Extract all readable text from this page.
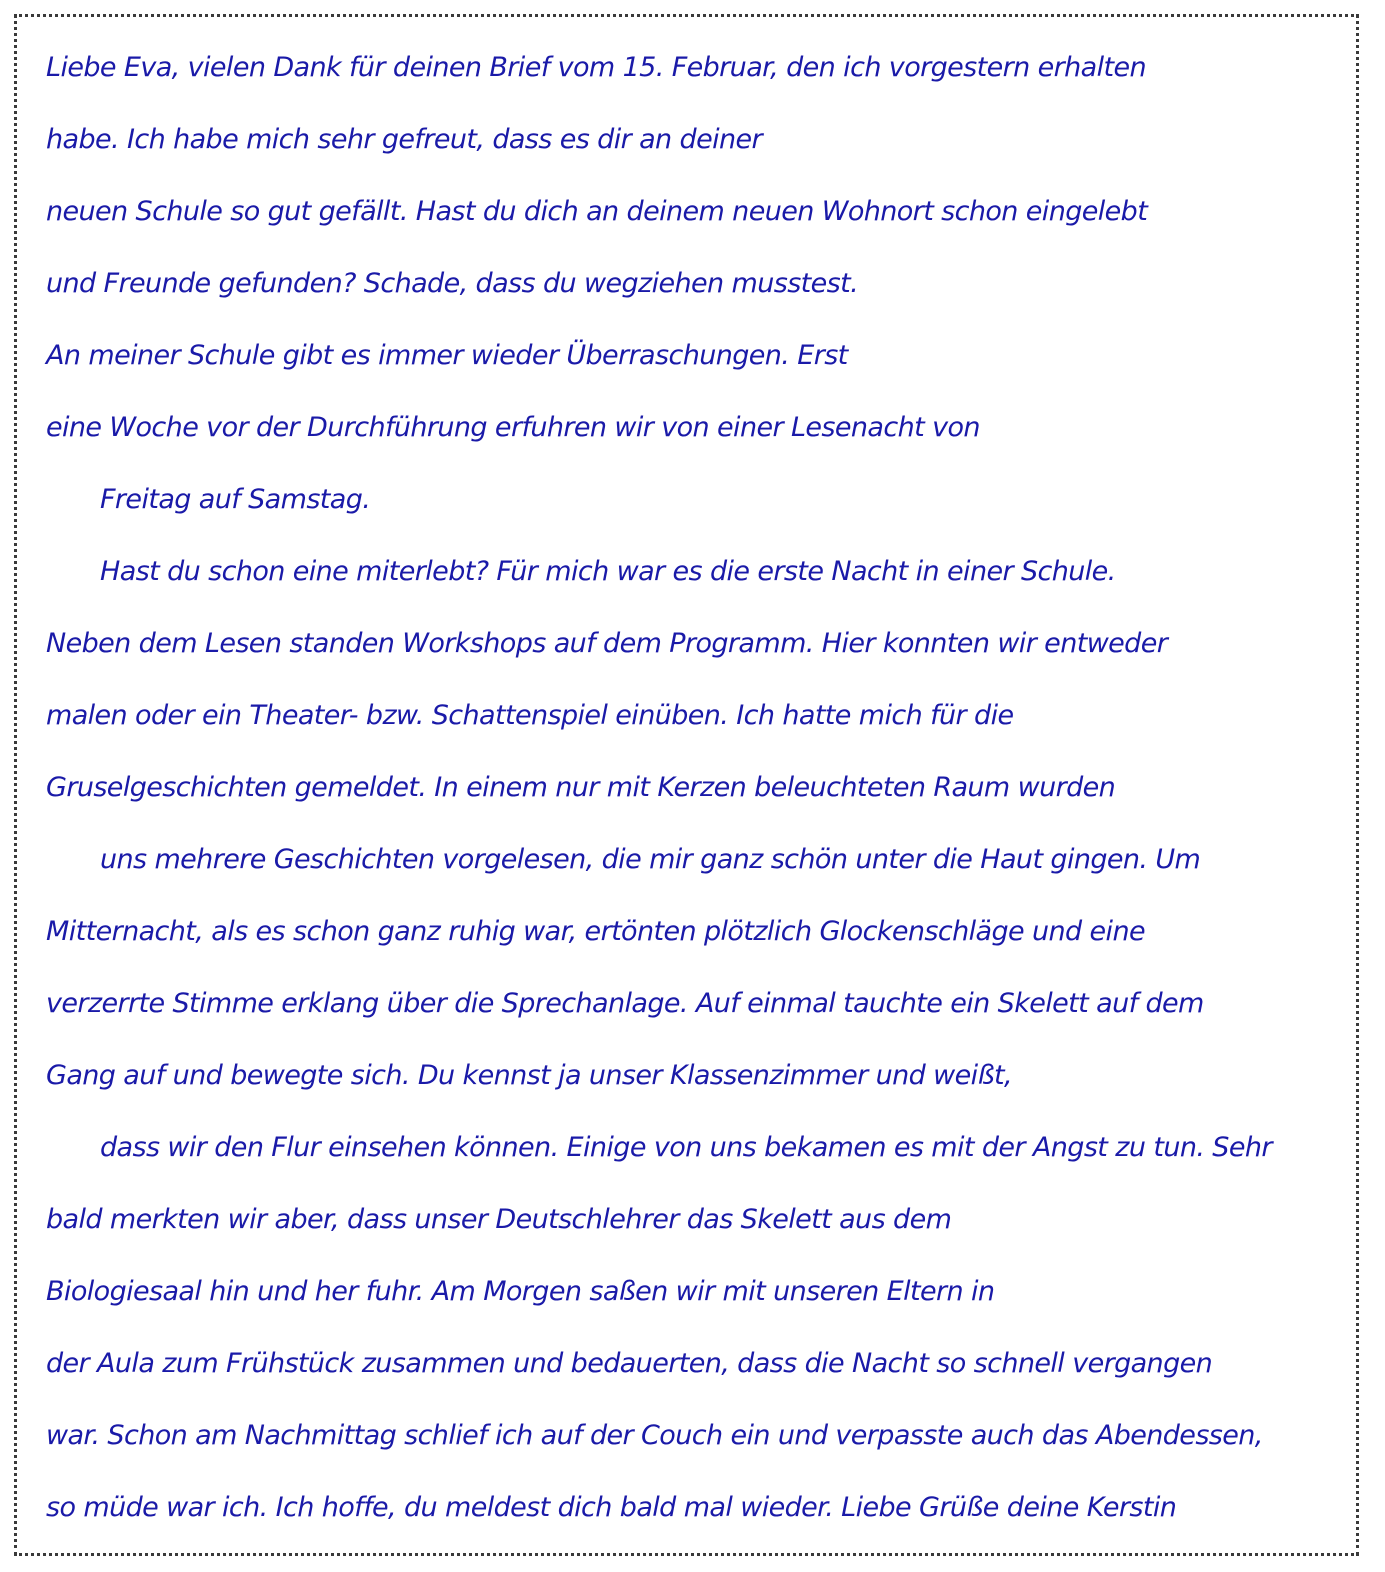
Liebe Eva, vielen Dank für deinen Brief vom 15. Februar, den ich vorgestern erhalten
habe. Ich habe mich sehr gefreut, dass es dir an deiner
neuen Schule so gut gefällt. Hast du dich an deinem neuen Wohnort schon eingelebt
und Freunde gefunden? Schade, dass du wegziehen musstest.
An meiner Schule gibt es immer wieder Überraschungen. Erst
eine Woche vor der Durchführung erfuhren wir von einer Lesenacht von
Freitag auf Samstag.
Hast du schon eine miterlebt? Für mich war es die erste Nacht in einer Schule.
Neben dem Lesen standen Workshops auf dem Programm. Hier konnten wir entweder
malen oder ein Theater- bzw. Schattenspiel einüben. Ich hatte mich für die
Gruselgeschichten gemeldet. In einem nur mit Kerzen beleuchteten Raum wurden
uns mehrere Geschichten vorgelesen, die mir ganz schön unter die Haut gingen. Um
Mitternacht, als es schon ganz ruhig war, ertönten plötzlich Glockenschläge und eine
verzerrte Stimme erklang über die Sprechanlage. Auf einmal tauchte ein Skelett auf dem
Gang auf und bewegte sich. Du kennst ja unser Klassenzimmer und weißt,
dass wir den Flur einsehen können. Einige von uns bekamen es mit der Angst zu tun. Sehr
bald merkten wir aber, dass unser Deutschlehrer das Skelett aus dem
Biologiesaal hin und her fuhr. Am Morgen saßen wir mit unseren Eltern in
der Aula zum Frühstück zusammen und bedauerten, dass die Nacht so schnell vergangen
war. Schon am Nachmittag schlief ich auf der Couch ein und verpasste auch das Abendessen,
so müde war ich. Ich hoffe, du meldest dich bald mal wieder. Liebe Grüße deine Kerstin
